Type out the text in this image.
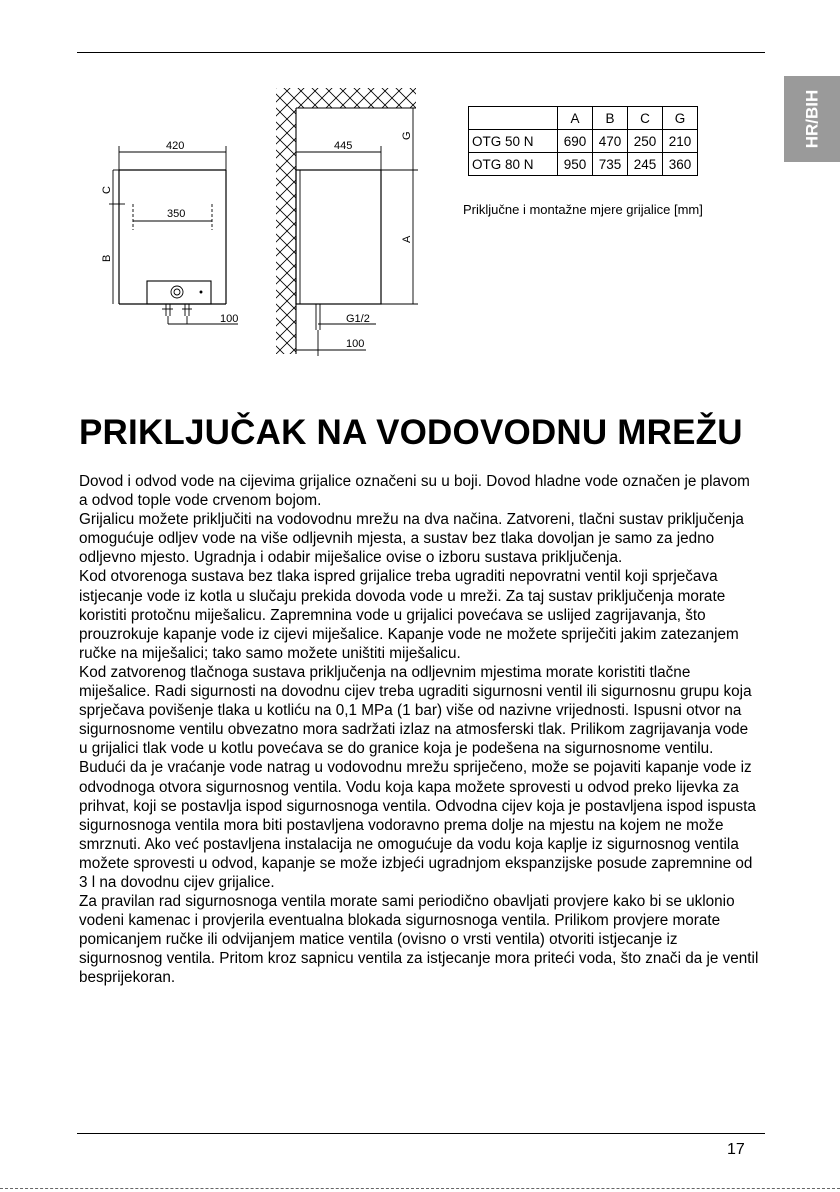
HR/BIH
420
350
100
C
B
445
G
A
G1/2
100
	A	B	C	G
OTG 50 N	690	470	250	210
OTG 80 N	950	735	245	360
Priključne i montažne mjere grijalice [mm]
PRIKLJUČAK NA VODOVODNU MREŽU

Dovod i odvod vode na cijevima grijalice označeni su u boji. Dovod hladne vode označen je plavom a odvod tople vode crvenom bojom.

Grijalicu možete priključiti na vodovodnu mrežu na dva načina. Zatvoreni, tlačni sustav priključenja omogućuje odljev vode na više odljevnih mjesta, a sustav bez tlaka dovoljan je samo za jedno odljevno mjesto. Ugradnja i odabir miješalice ovise o izboru sustava priključenja.

Kod otvorenoga sustava bez tlaka ispred grijalice treba ugraditi nepovratni ventil koji sprječava istjecanje vode iz kotla u slučaju prekida dovoda vode u mreži. Za taj sustav priključenja morate koristiti protočnu miješalicu. Zapremnina vode u grijalici povećava se uslijed zagrijavanja, što prouzrokuje kapanje vode iz cijevi miješalice. Kapanje vode ne možete spriječiti jakim zatezanjem ručke na miješalici; tako samo možete uništiti miješalicu.

Kod zatvorenog tlačnoga sustava priključenja na odljevnim mjestima morate koristiti tlačne miješalice. Radi sigurnosti na dovodnu cijev treba ugraditi sigurnosni ventil ili sigurnosnu grupu koja sprječava povišenje tlaka u kotliću na 0,1 MPa (1 bar) više od nazivne vrijednosti. Ispusni otvor na sigurnosnome ventilu obvezatno mora sadržati izlaz na atmosferski tlak. Prilikom zagrijavanja vode u grijalici tlak vode u kotlu povećava se do granice koja je podešena na sigurnosnome ventilu. Budući da je vraćanje vode natrag u vodovodnu mrežu spriječeno, može se pojaviti kapanje vode iz odvodnoga otvora sigurnosnog ventila. Vodu koja kapa možete sprovesti u odvod preko lijevka za prihvat, koji se postavlja ispod sigurnosnoga ventila. Odvodna cijev koja je postavljena ispod ispusta sigurnosnoga ventila mora biti postavljena vodoravno prema dolje na mjestu na kojem ne može smrznuti. Ako već postavljena instalacija ne omogućuje da vodu koja kaplje iz sigurnosnog ventila možete sprovesti u odvod, kapanje se može izbjeći ugradnjom ekspanzijske posude zapremnine od 3 l na dovodnu cijev grijalice.

Za pravilan rad sigurnosnoga ventila morate sami periodično obavljati provjere kako bi se uklonio vodeni kamenac i provjerila eventualna blokada sigurnosnoga ventila. Prilikom provjere morate pomicanjem ručke ili odvijanjem matice ventila (ovisno o vrsti ventila) otvoriti istjecanje iz sigurnosnog ventila. Pritom kroz sapnicu ventila za istjecanje mora pritеći voda, što znači da je ventil besprijekoran.

17
